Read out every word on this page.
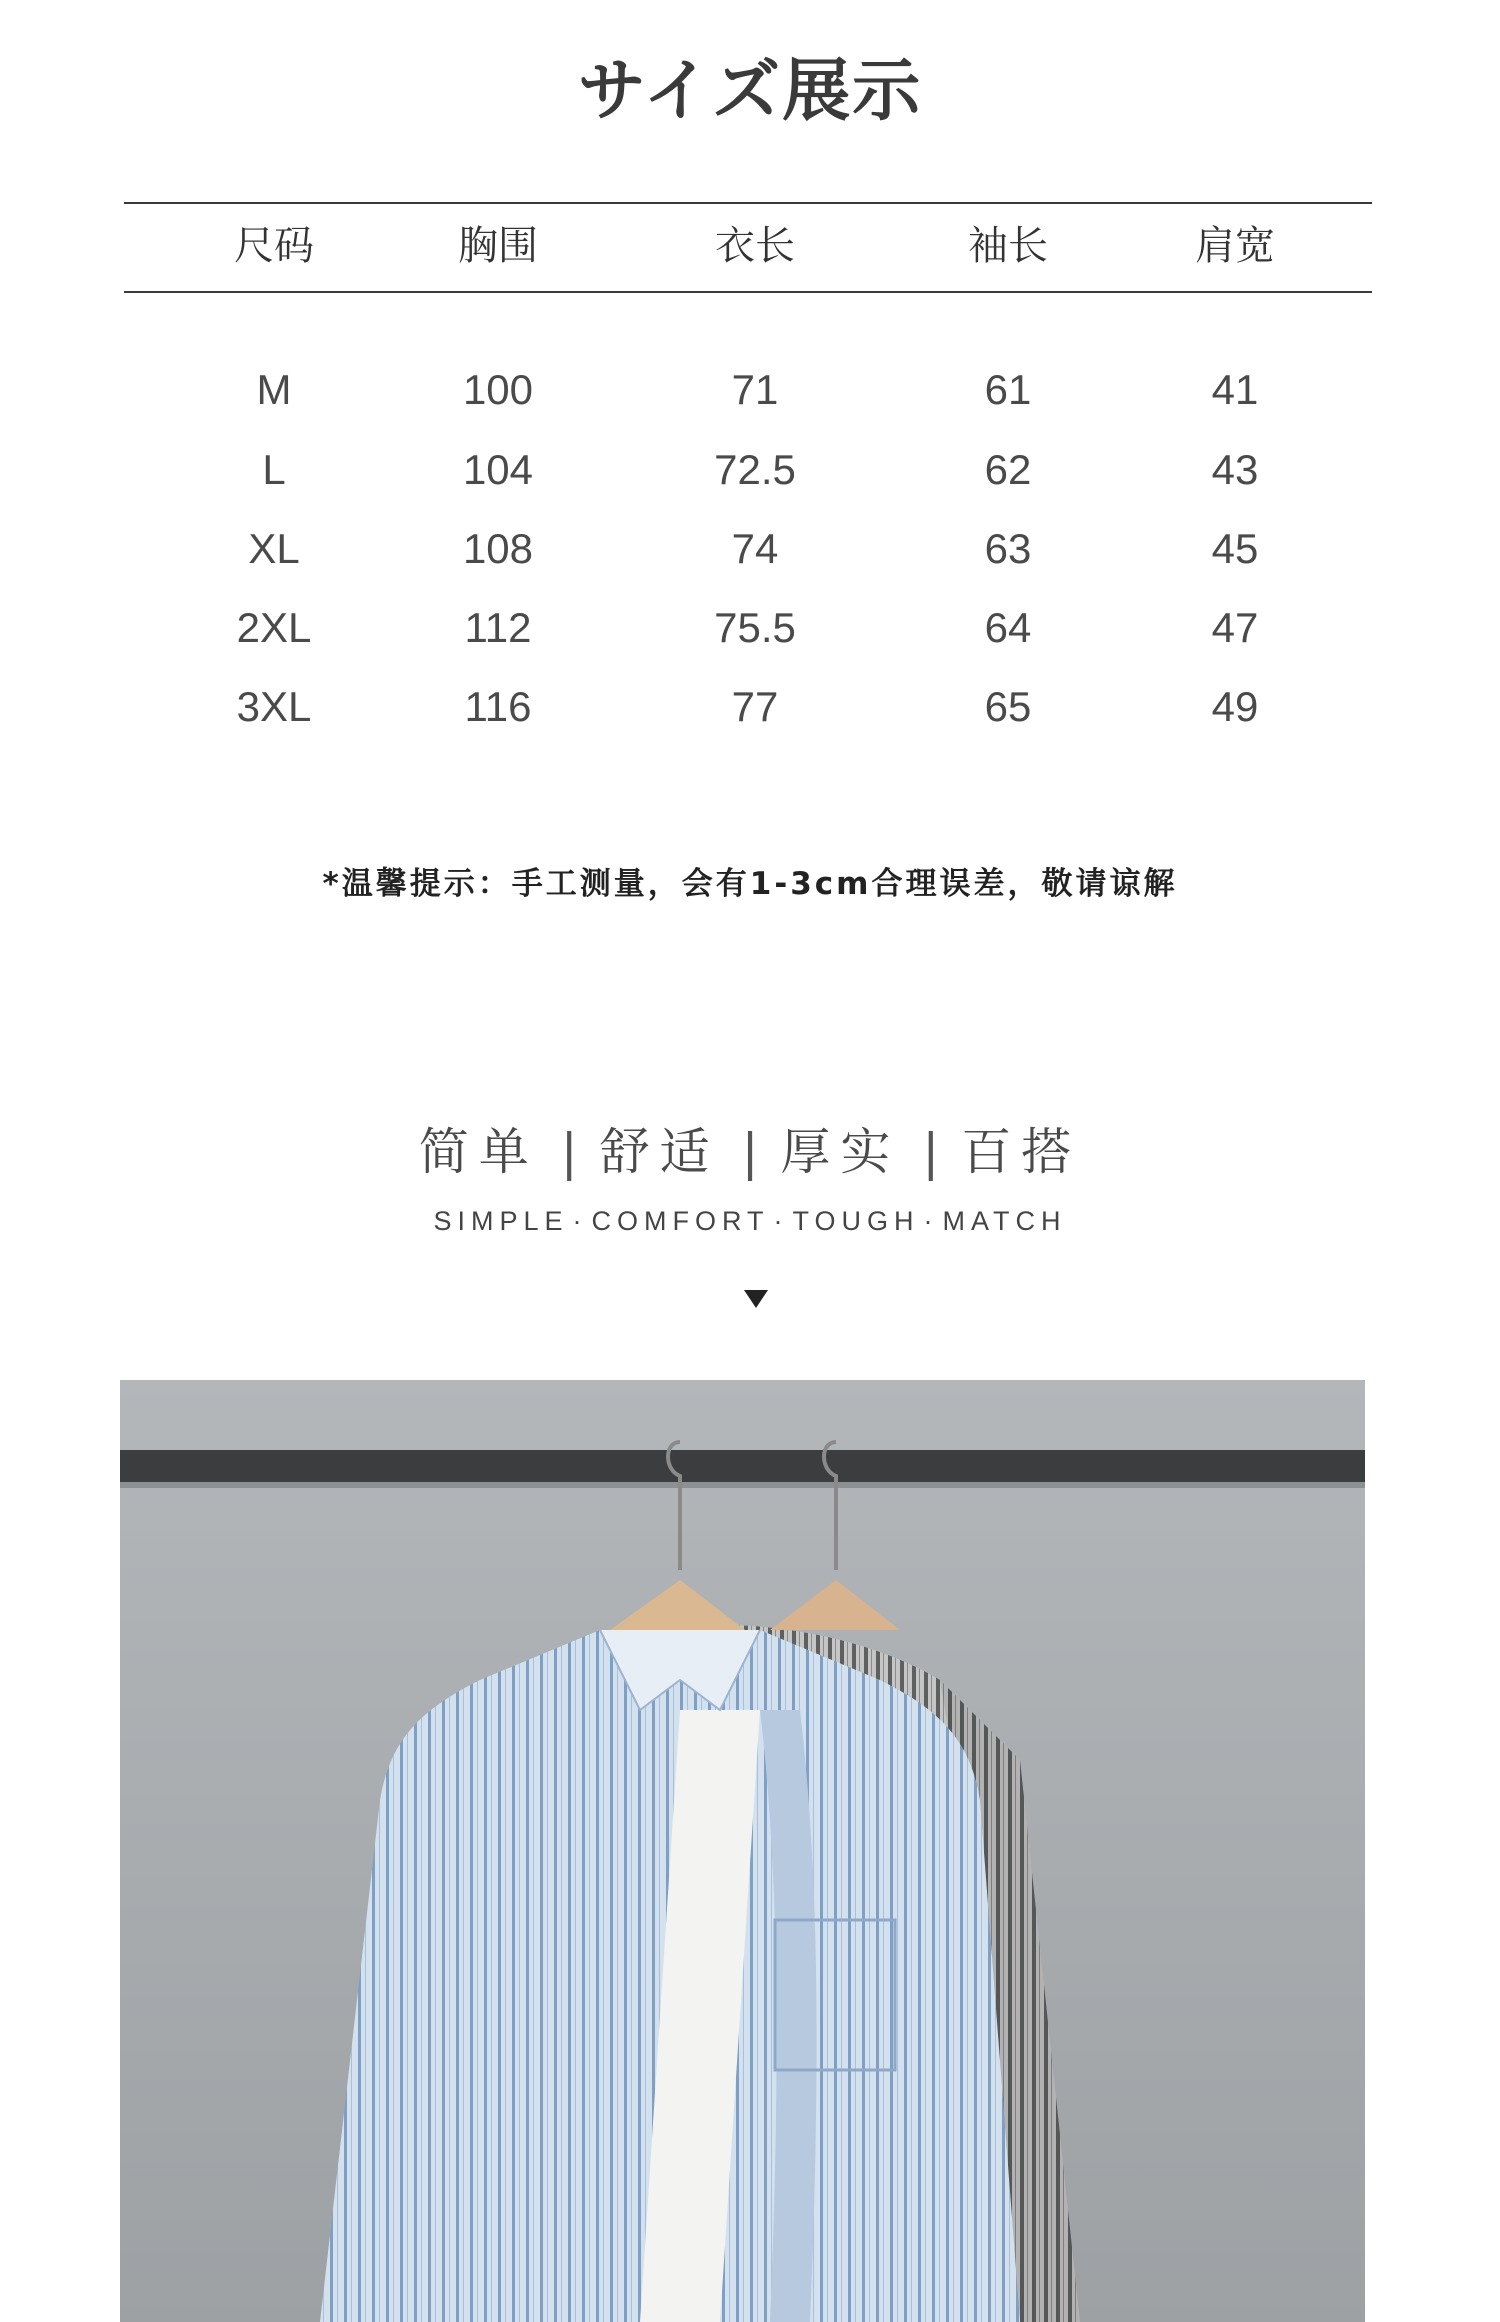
サイズ展示
尺码	胸围	衣长	袖长	肩宽
M	100	71	61	41
L	104	72.5	62	43
XL	108	74	63	45
2XL	112	75.5	64	47
3XL	116	77	65	49
*温馨提示：手工测量，会有1-3cm合理误差，敬请谅解
简单 | 舒适 | 厚实 | 百搭
SIMPLE · COMFORT · TOUGH · MATCH
